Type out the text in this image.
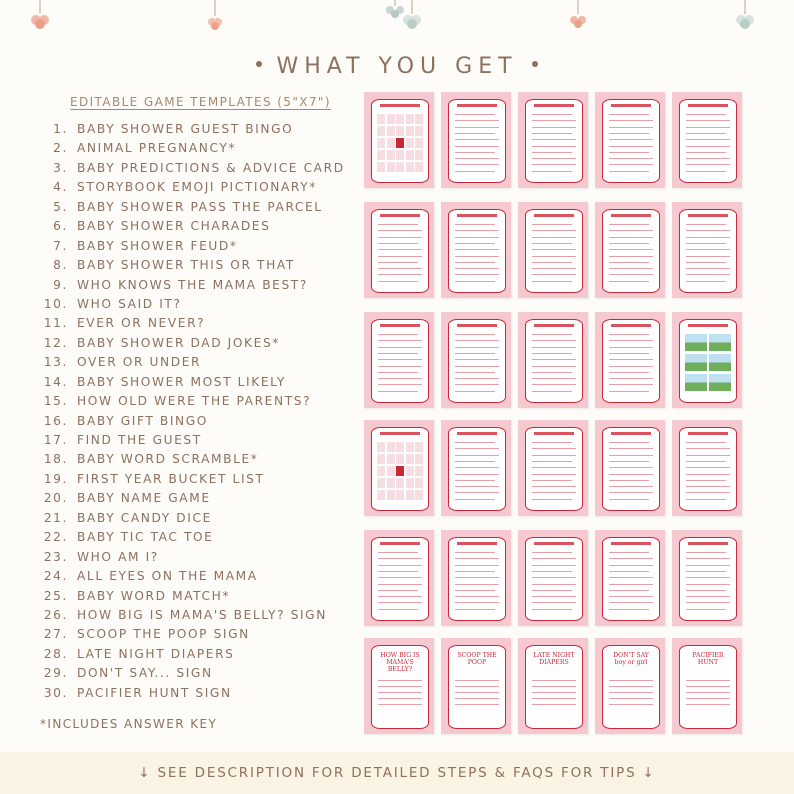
WHAT YOU GET
EDITABLE GAME TEMPLATES (5"X7")
1. BABY SHOWER GUEST BINGO
2. ANIMAL PREGNANCY*
3. BABY PREDICTIONS & ADVICE CARD
4. STORYBOOK EMOJI PICTIONARY*
5. BABY SHOWER PASS THE PARCEL
6. BABY SHOWER CHARADES
7. BABY SHOWER FEUD*
8. BABY SHOWER THIS OR THAT
9. WHO KNOWS THE MAMA BEST?
10. WHO SAID IT?
11. EVER OR NEVER?
12. BABY SHOWER DAD JOKES*
13. OVER OR UNDER
14. BABY SHOWER MOST LIKELY
15. HOW OLD WERE THE PARENTS?
16. BABY GIFT BINGO
17. FIND THE GUEST
18. BABY WORD SCRAMBLE*
19. FIRST YEAR BUCKET LIST
20. BABY NAME GAME
21. BABY CANDY DICE
22. BABY TIC TAC TOE
23. WHO AM I?
24. ALL EYES ON THE MAMA
25. BABY WORD MATCH*
26. HOW BIG IS MAMA'S BELLY? SIGN
27. SCOOP THE POOP SIGN
28. LATE NIGHT DIAPERS
29. DON'T SAY... SIGN
30. PACIFIER HUNT SIGN
*INCLUDES ANSWER KEY
HOW BIG IS MAMA'S BELLY?
SCOOP THE POOP
LATE NIGHT DIAPERS
DON'T SAY boy or girl
PACIFIER HUNT
↓ SEE DESCRIPTION FOR DETAILED STEPS & FAQS FOR TIPS ↓
